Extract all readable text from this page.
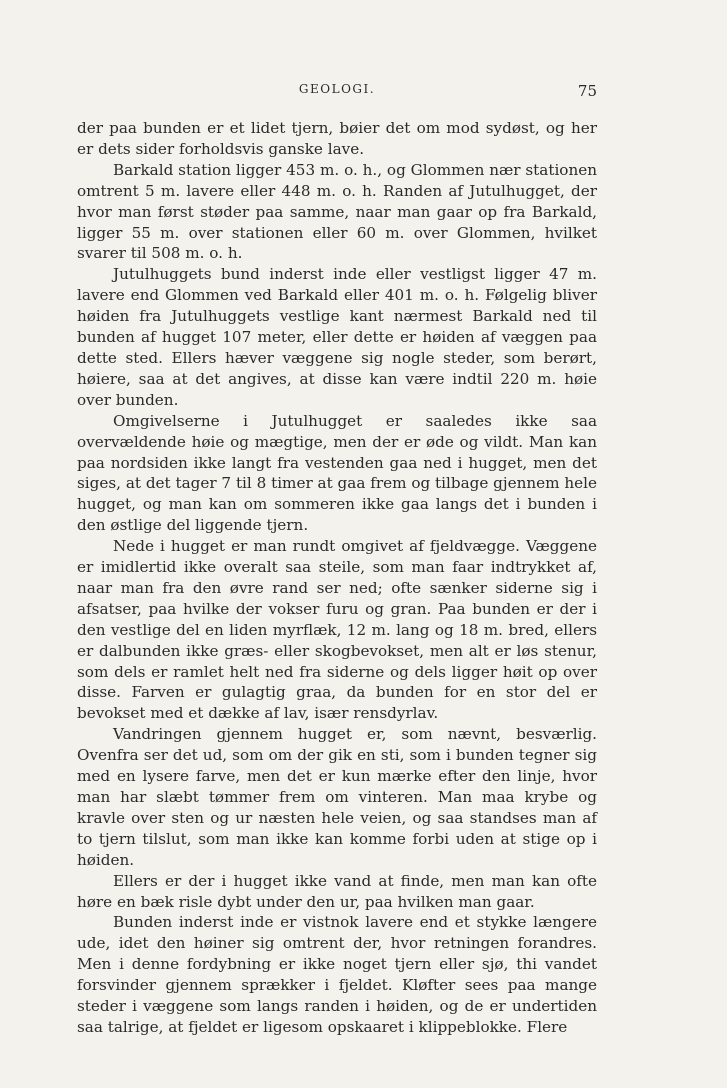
GEOLOGI.	75

der paa bunden er et lidet tjern, bøier det om mod sydøst, og her er dets sider forholdsvis ganske lave.

Barkald station ligger 453 m. o. h., og Glommen nær stationen omtrent 5 m. lavere eller 448 m. o. h. Randen af Jutulhugget, der hvor man først støder paa samme, naar man gaar op fra Barkald, ligger 55 m. over stationen eller 60 m. over Glommen, hvilket svarer til 508 m. o. h.

Jutulhuggets bund inderst inde eller vestligst ligger 47 m. lavere end Glommen ved Barkald eller 401 m. o. h. Følgelig bliver høiden fra Jutulhuggets vestlige kant nærmest Barkald ned til bunden af hugget 107 meter, eller dette er høiden af væggen paa dette sted. Ellers hæver væggene sig nogle steder, som berørt, høiere, saa at det angives, at disse kan være indtil 220 m. høie over bunden.

Omgivelserne i Jutulhugget er saaledes ikke saa overvældende høie og mægtige, men der er øde og vildt. Man kan paa nordsiden ikke langt fra vestenden gaa ned i hugget, men det siges, at det tager 7 til 8 timer at gaa frem og tilbage gjennem hele hugget, og man kan om sommeren ikke gaa langs det i bunden i den østlige del liggende tjern.

Nede i hugget er man rundt omgivet af fjeldvægge. Væggene er imidlertid ikke overalt saa steile, som man faar indtrykket af, naar man fra den øvre rand ser ned; ofte sænker siderne sig i afsatser, paa hvilke der vokser furu og gran. Paa bunden er der i den vestlige del en liden myrflæk, 12 m. lang og 18 m. bred, ellers er dalbunden ikke græs- eller skogbevokset, men alt er løs stenur, som dels er ramlet helt ned fra siderne og dels ligger høit op over disse. Farven er gulagtig graa, da bunden for en stor del er bevokset med et dække af lav, især rensdyrlav.

Vandringen gjennem hugget er, som nævnt, besværlig. Ovenfra ser det ud, som om der gik en sti, som i bunden tegner sig med en lysere farve, men det er kun mærke efter den linje, hvor man har slæbt tømmer frem om vinteren. Man maa krybe og kravle over sten og ur næsten hele veien, og saa standses man af to tjern tilslut, som man ikke kan komme forbi uden at stige op i høiden.

Ellers er der i hugget ikke vand at finde, men man kan ofte høre en bæk risle dybt under den ur, paa hvilken man gaar.

Bunden inderst inde er vistnok lavere end et stykke længere ude, idet den høiner sig omtrent der, hvor retningen forandres. Men i denne fordybning er ikke noget tjern eller sjø, thi vandet forsvinder gjennem sprækker i fjeldet. Kløfter sees paa mange steder i væggene som langs randen i høiden, og de er undertiden saa talrige, at fjeldet er ligesom opskaaret i klippeblokke. Flere
